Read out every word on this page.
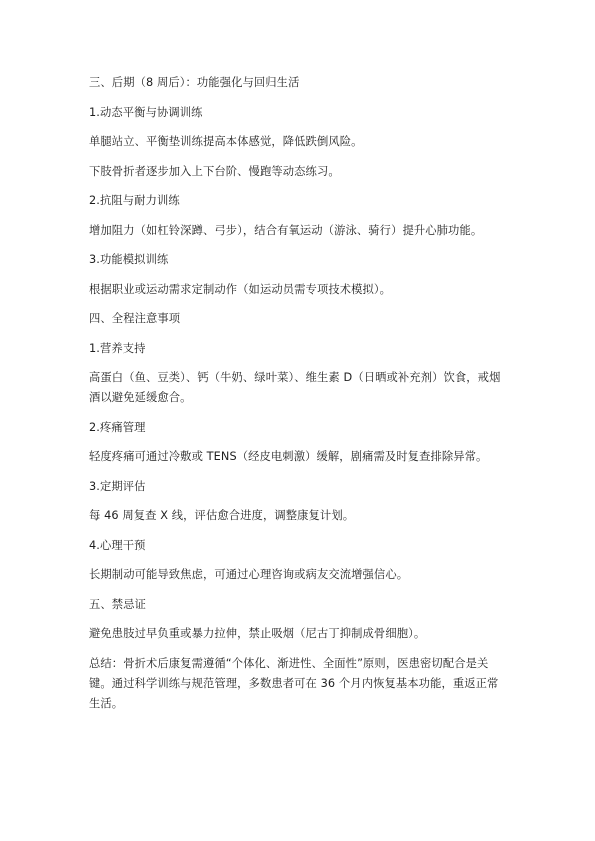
三、后期（8 周后）：功能强化与回归生活

1.动态平衡与协调训练

单腿站立、平衡垫训练提高本体感觉，降低跌倒风险。

下肢骨折者逐步加入上下台阶、慢跑等动态练习。

2.抗阻与耐力训练

增加阻力（如杠铃深蹲、弓步），结合有氧运动（游泳、骑行）提升心肺功能。

3.功能模拟训练

根据职业或运动需求定制动作（如运动员需专项技术模拟）。

四、全程注意事项

1.营养支持

高蛋白（鱼、豆类）、钙（牛奶、绿叶菜）、维生素 D（日晒或补充剂）饮食，戒烟酒以避免延缓愈合。

2.疼痛管理

轻度疼痛可通过冷敷或 TENS（经皮电刺激）缓解，剧痛需及时复查排除异常。

3.定期评估

每 46 周复查 X 线，评估愈合进度，调整康复计划。

4.心理干预

长期制动可能导致焦虑，可通过心理咨询或病友交流增强信心。

五、禁忌证

避免患肢过早负重或暴力拉伸，禁止吸烟（尼古丁抑制成骨细胞）。

总结：骨折术后康复需遵循“个体化、渐进性、全面性”原则，医患密切配合是关键。通过科学训练与规范管理，多数患者可在 36 个月内恢复基本功能，重返正常生活。
